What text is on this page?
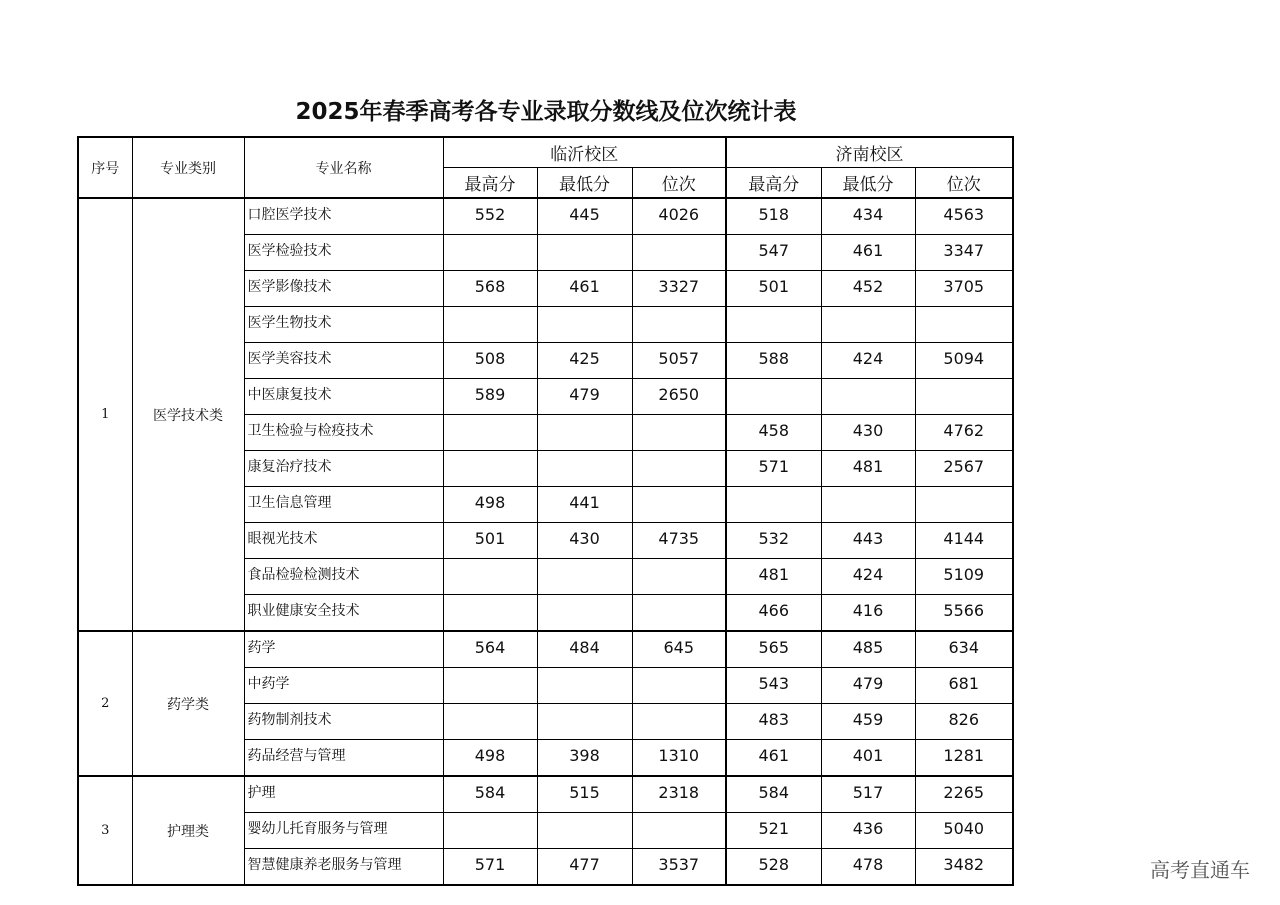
2025年春季高考各专业录取分数线及位次统计表
序号	专业类别	专业名称	临沂校区			济南校区		
			最高分	最低分	位次	最高分	最低分	位次
1	医学技术类	口腔医学技术	552	445	4026	518	434	4563
		医学检验技术				547	461	3347
		医学影像技术	568	461	3327	501	452	3705
		医学生物技术						
		医学美容技术	508	425	5057	588	424	5094
		中医康复技术	589	479	2650			
		卫生检验与检疫技术				458	430	4762
		康复治疗技术				571	481	2567
		卫生信息管理	498	441				
		眼视光技术	501	430	4735	532	443	4144
		食品检验检测技术				481	424	5109
		职业健康安全技术				466	416	5566
2	药学类	药学	564	484	645	565	485	634
		中药学				543	479	681
		药物制剂技术				483	459	826
		药品经营与管理	498	398	1310	461	401	1281
3	护理类	护理	584	515	2318	584	517	2265
		婴幼儿托育服务与管理				521	436	5040
		智慧健康养老服务与管理	571	477	3537	528	478	3482	高考直通车
